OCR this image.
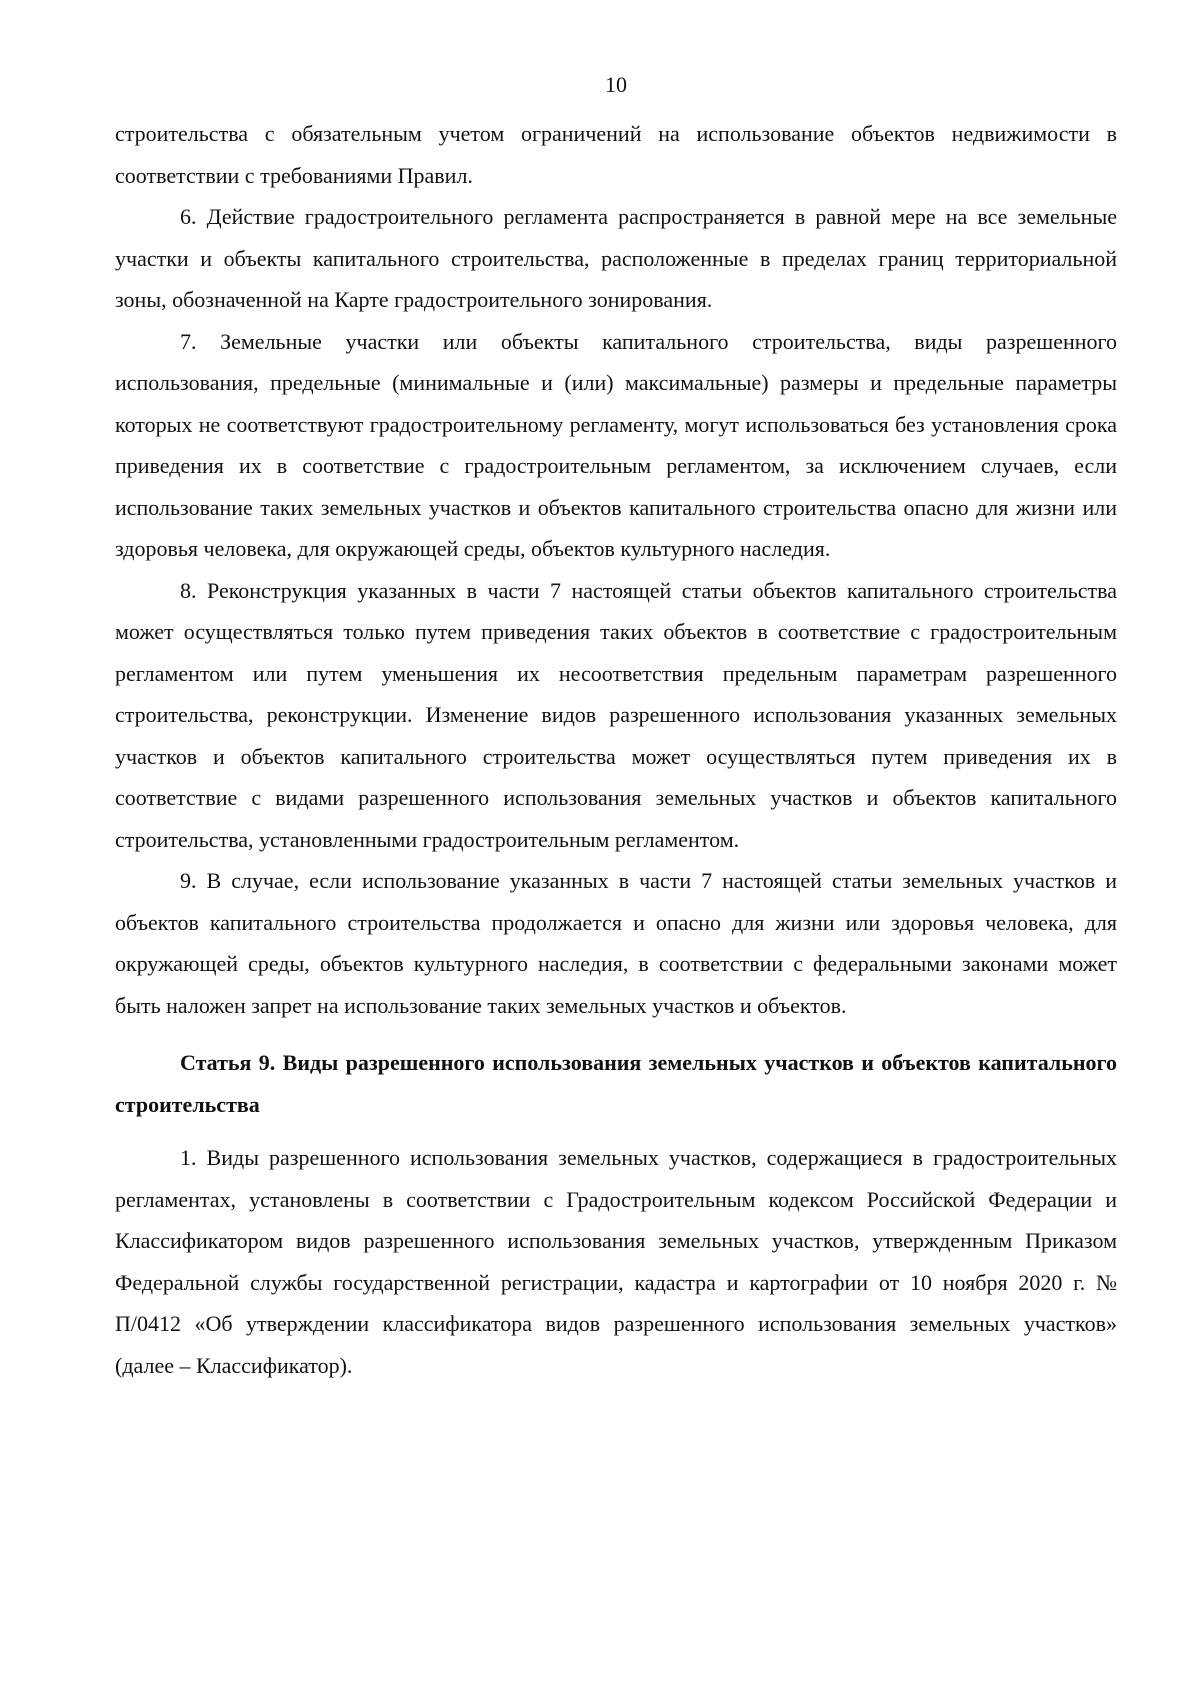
10

строительства с обязательным учетом ограничений на использование объектов недвижимости в соответствии с требованиями Правил.

6. Действие градостроительного регламента распространяется в равной мере на все земельные участки и объекты капитального строительства, расположенные в пределах границ территориальной зоны, обозначенной на Карте градостроительного зонирования.

7. Земельные участки или объекты капитального строительства, виды разрешенного использования, предельные (минимальные и (или) максимальные) размеры и предельные параметры которых не соответствуют градостроительному регламенту, могут использоваться без установления срока приведения их в соответствие с градостроительным регламентом, за исключением случаев, если использование таких земельных участков и объектов капитального строительства опасно для жизни или здоровья человека, для окружающей среды, объектов культурного наследия.

8. Реконструкция указанных в части 7 настоящей статьи объектов капитального строительства может осуществляться только путем приведения таких объектов в соответствие с градостроительным регламентом или путем уменьшения их несоответствия предельным параметрам разрешенного строительства, реконструкции. Изменение видов разрешенного использования указанных земельных участков и объектов капитального строительства может осуществляться путем приведения их в соответствие с видами разрешенного использования земельных участков и объектов капитального строительства, установленными градостроительным регламентом.

9. В случае, если использование указанных в части 7 настоящей статьи земельных участков и объектов капитального строительства продолжается и опасно для жизни или здоровья человека, для окружающей среды, объектов культурного наследия, в соответствии с федеральными законами может быть наложен запрет на использование таких земельных участков и объектов.

Статья 9. Виды разрешенного использования земельных участков и объектов капитального строительства

1. Виды разрешенного использования земельных участков, содержащиеся в градостроительных регламентах, установлены в соответствии с Градостроительным кодексом Российской Федерации и Классификатором видов разрешенного использования земельных участков, утвержденным Приказом Федеральной службы государственной регистрации, кадастра и картографии от 10 ноября 2020 г. № П/0412 «Об утверждении классификатора видов разрешенного использования земельных участков» (далее – Классификатор).
